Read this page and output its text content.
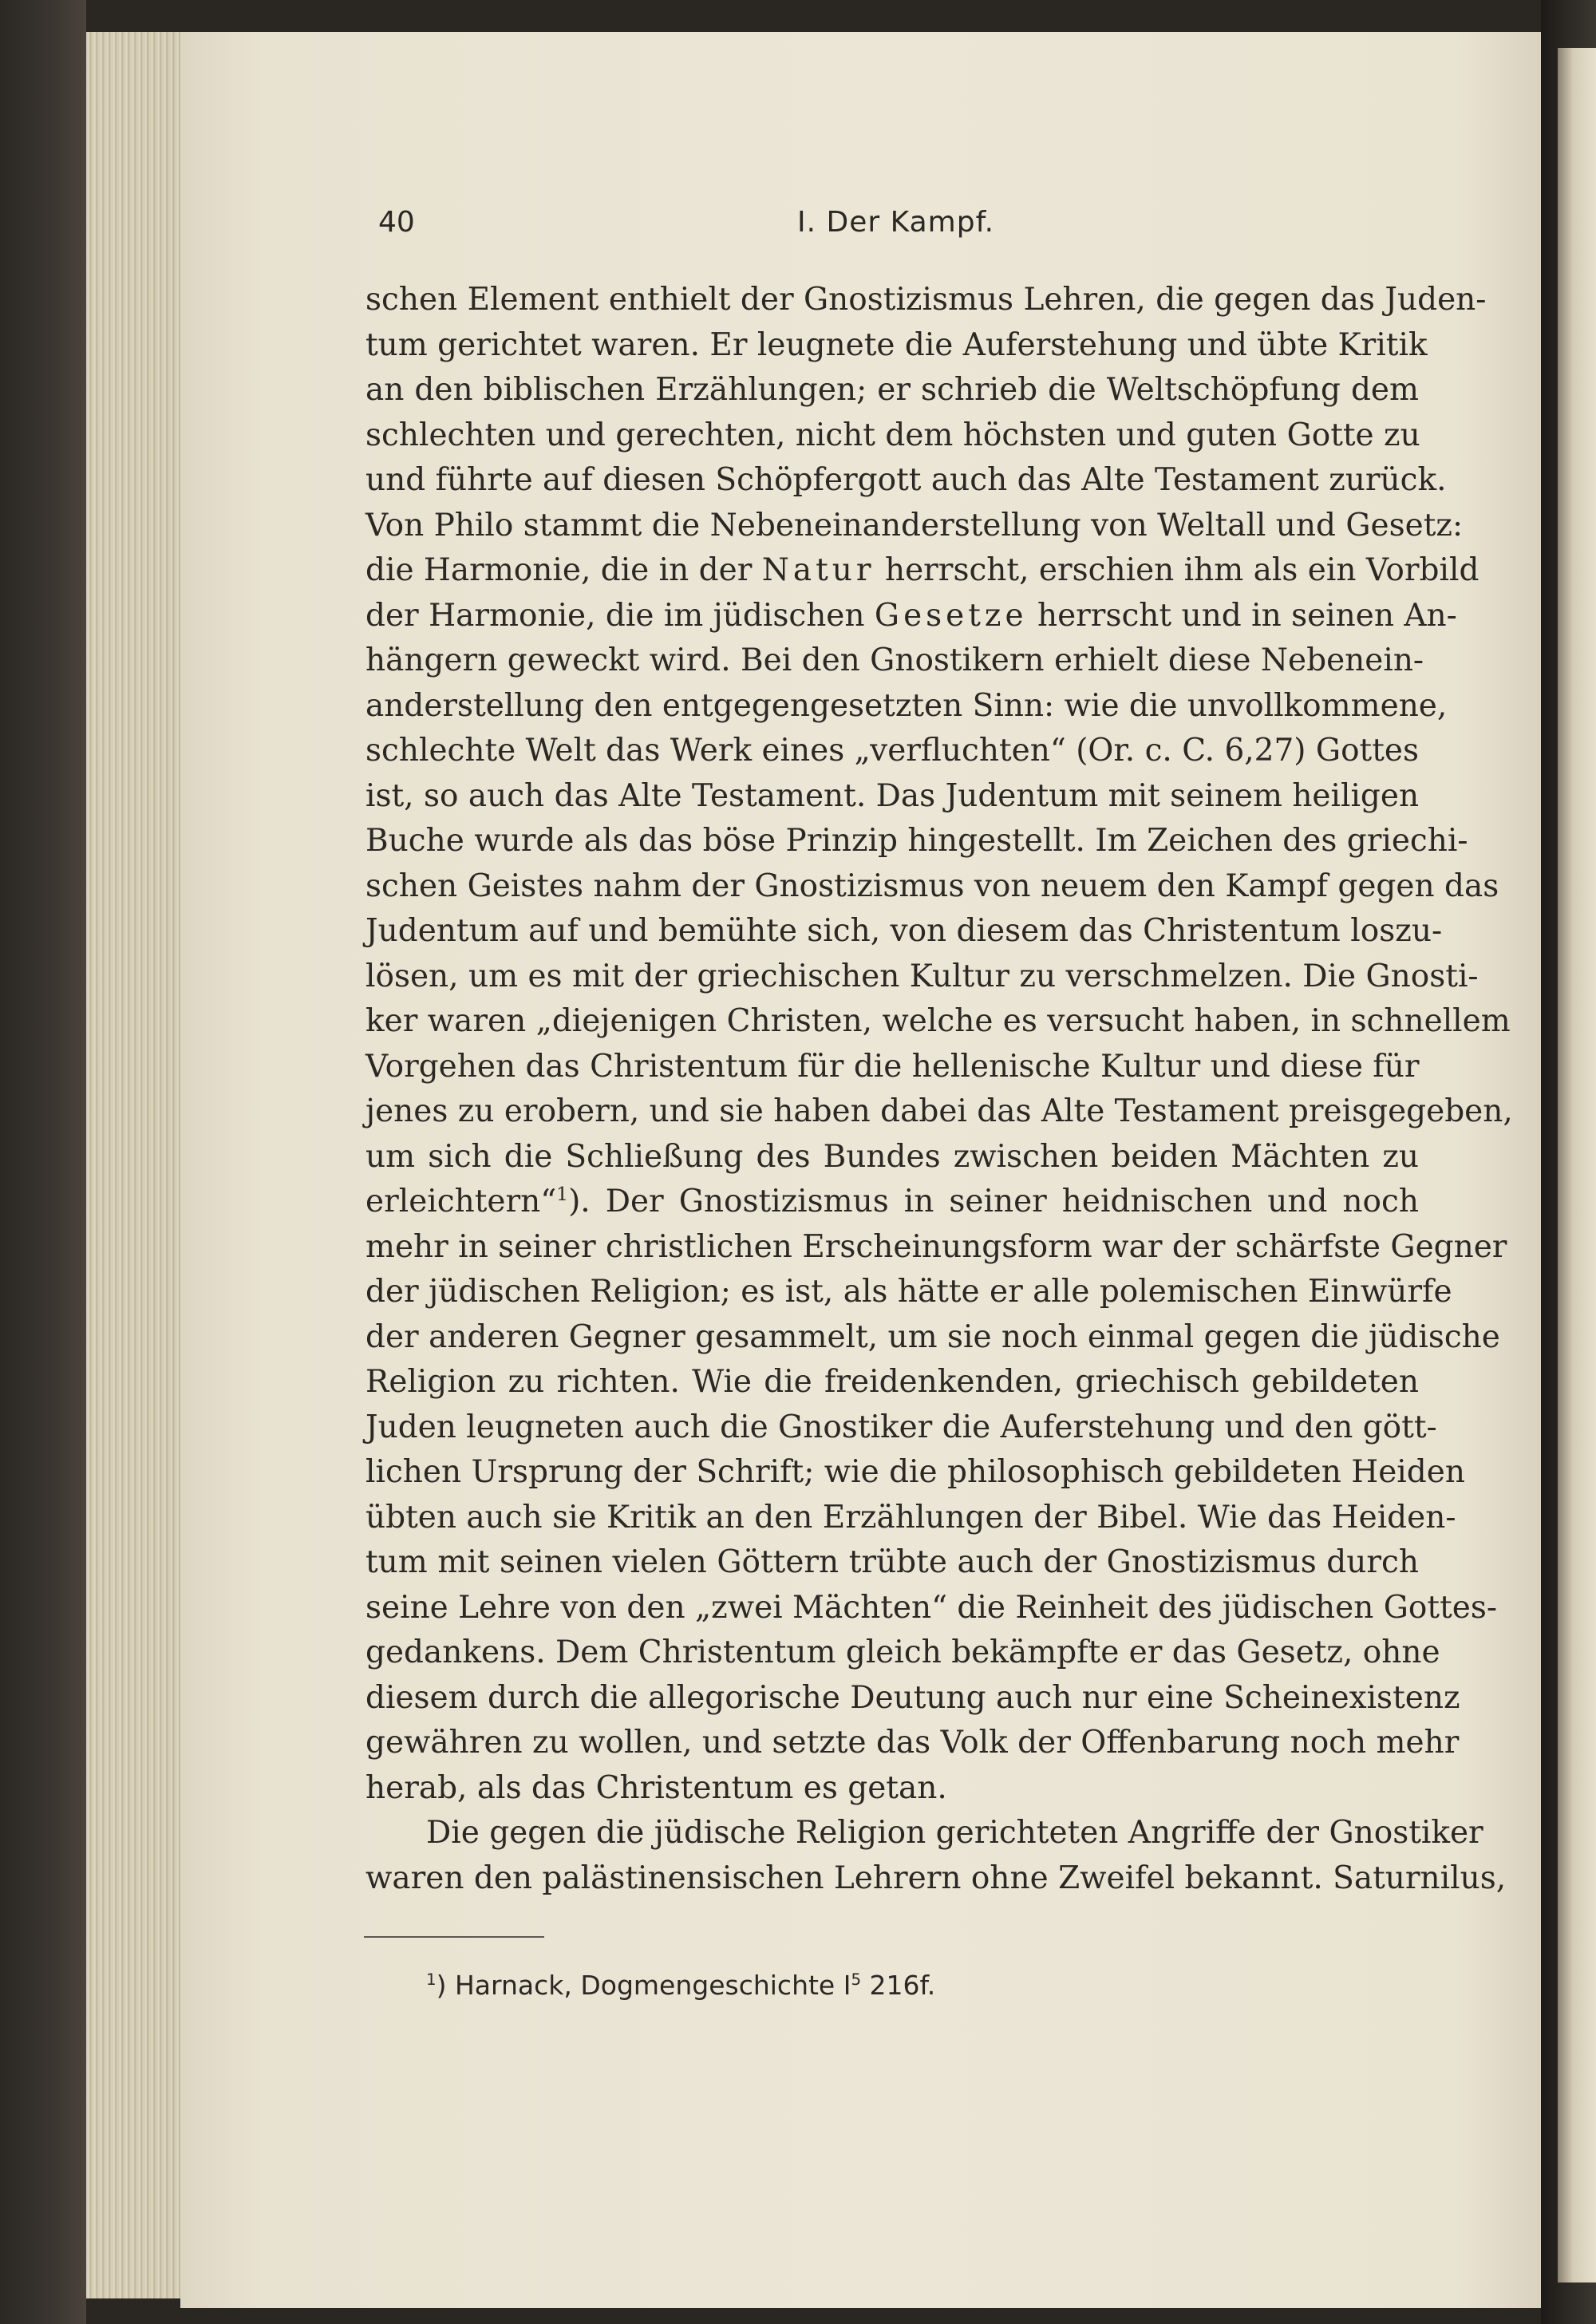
40	I. Der Kampf.
schen Element enthielt der Gnostizismus Lehren, die gegen das Juden-
tum gerichtet waren. Er leugnete die Auferstehung und übte Kritik
an den biblischen Erzählungen; er schrieb die Weltschöpfung dem
schlechten und gerechten, nicht dem höchsten und guten Gotte zu
und führte auf diesen Schöpfergott auch das Alte Testament zurück.
Von Philo stammt die Nebeneinanderstellung von Weltall und Gesetz:
die Harmonie, die in der Natur herrscht, erschien ihm als ein Vorbild
der Harmonie, die im jüdischen Gesetze herrscht und in seinen An-
hängern geweckt wird. Bei den Gnostikern erhielt diese Nebenein-
anderstellung den entgegengesetzten Sinn: wie die unvollkommene,
schlechte Welt das Werk eines „verfluchten“ (Or. c. C. 6,27) Gottes
ist, so auch das Alte Testament. Das Judentum mit seinem heiligen
Buche wurde als das böse Prinzip hingestellt. Im Zeichen des griechi-
schen Geistes nahm der Gnostizismus von neuem den Kampf gegen das
Judentum auf und bemühte sich, von diesem das Christentum loszu-
lösen, um es mit der griechischen Kultur zu verschmelzen. Die Gnosti-
ker waren „diejenigen Christen, welche es versucht haben, in schnellem
Vorgehen das Christentum für die hellenische Kultur und diese für
jenes zu erobern, und sie haben dabei das Alte Testament preisgegeben,
um sich die Schließung des Bundes zwischen beiden Mächten zu
erleichtern“$^1$). Der Gnostizismus in seiner heidnischen und noch
mehr in seiner christlichen Erscheinungsform war der schärfste Gegner
der jüdischen Religion; es ist, als hätte er alle polemischen Einwürfe
der anderen Gegner gesammelt, um sie noch einmal gegen die jüdische
Religion zu richten. Wie die freidenkenden, griechisch gebildeten
Juden leugneten auch die Gnostiker die Auferstehung und den gött-
lichen Ursprung der Schrift; wie die philosophisch gebildeten Heiden
übten auch sie Kritik an den Erzählungen der Bibel. Wie das Heiden-
tum mit seinen vielen Göttern trübte auch der Gnostizismus durch
seine Lehre von den „zwei Mächten“ die Reinheit des jüdischen Gottes-
gedankens. Dem Christentum gleich bekämpfte er das Gesetz, ohne
diesem durch die allegorische Deutung auch nur eine Scheinexistenz
gewähren zu wollen, und setzte das Volk der Offenbarung noch mehr
herab, als das Christentum es getan.
Die gegen die jüdische Religion gerichteten Angriffe der Gnostiker
waren den palästinensischen Lehrern ohne Zweifel bekannt. Saturnilus,
$^1$) Harnack, Dogmengeschichte $I^5$ 216f.
